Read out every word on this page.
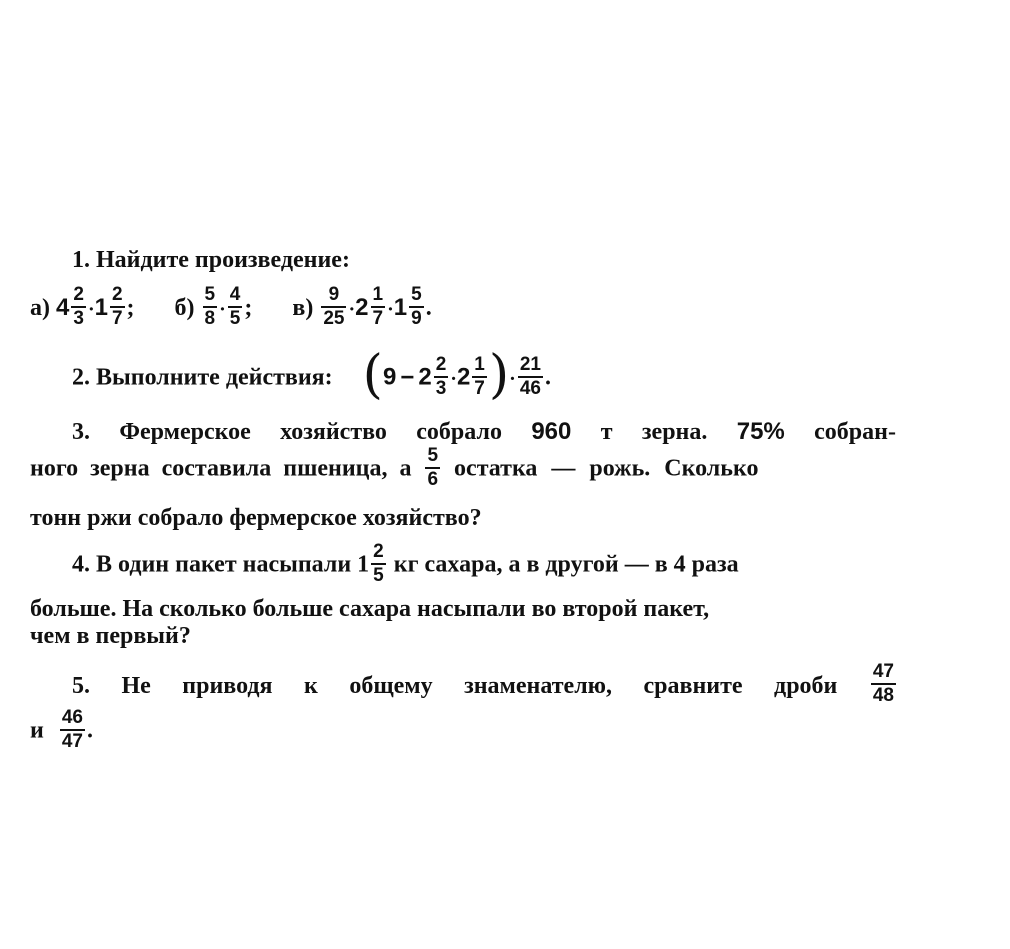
1. Найдите произведение:
а) $4 \frac{2}{3} \cdot 1 \frac{2}{7}$ ; $б) \frac{5}{8} \cdot \frac{4}{5}$ ; $в) \frac{9}{25} \cdot 2 \frac{1}{7} \cdot 1 \frac{5}{9}$ .
2. Выполните действия: ($9 - 2 \frac{2}{3} \cdot 2 \frac{1}{7}$ )· $\frac{21}{46}$ .
3. Фермерское хозяйство собрало 960 т зерна. 75% собран-
ного зерна составила пшеница, а $\frac{5}{6}$ остатка — рожь. Сколько
тонн ржи собрало фермерское хозяйство?
4. В один пакет насыпали $1 \frac{2}{5}$ кг сахара, а в другой — в 4 раза
больше. На сколько больше сахара насыпали во второй пакет,
чем в первый?
5. Не приводя к общему знаменателю, сравните дроби $\frac{47}{48}$
и $\frac{46}{47}$ .
